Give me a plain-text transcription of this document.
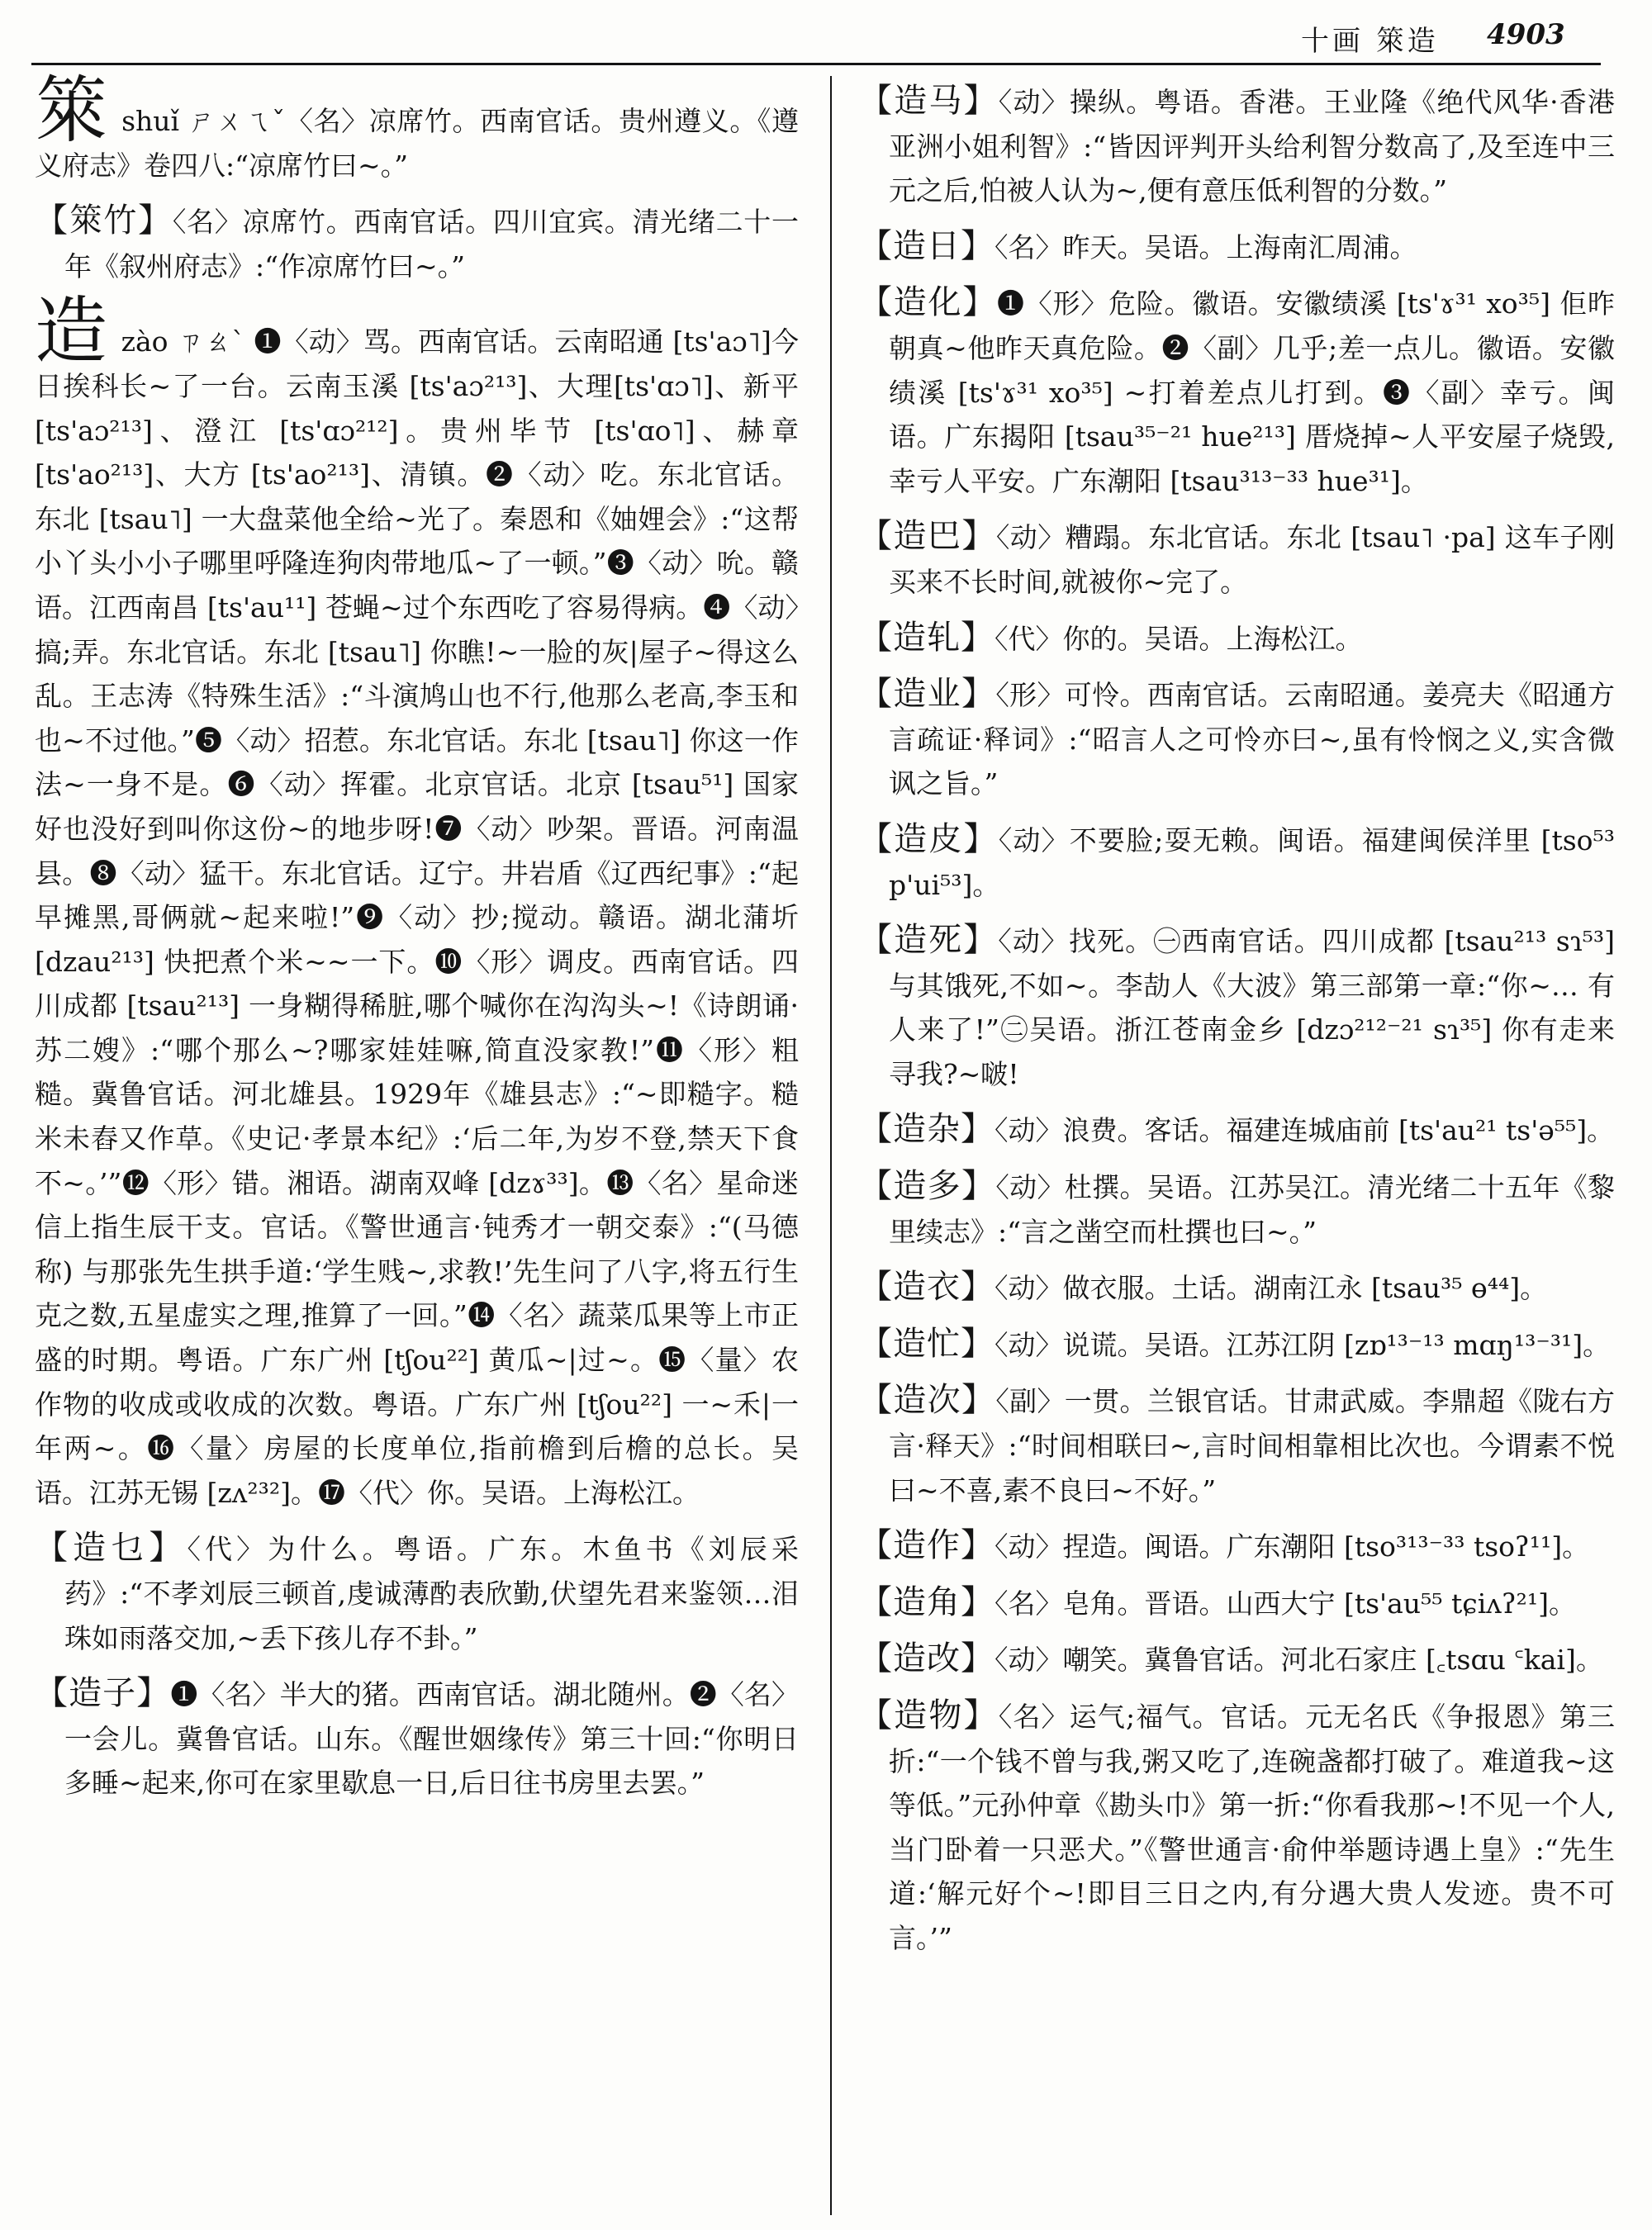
十画 箂造 4903

箂 shuǐ ㄕㄨㄟˇ〈名〉凉席竹。西南官话。贵州遵义。《遵义府志》卷四八:“凉席竹曰~。”

【箂竹】〈名〉凉席竹。西南官话。四川宜宾。清光绪二十一年《叙州府志》:“作凉席竹曰~。”

造 zào ㄗㄠˋ ❶〈动〉骂。西南官话。云南昭通 [ts'aɔ˥]今日挨科长~了一台。云南玉溪 [ts'aɔ²¹³]、大理[ts'ɑɔ˥]、新平 [ts'aɔ²¹³]、澄江 [ts'ɑɔ²¹²]。贵州毕节 [ts'ɑo˥]、赫章 [ts'ao²¹³]、大方 [ts'ao²¹³]、清镇。❷〈动〉吃。东北官话。东北 [tsau˥] 一大盘菜他全给~光了。秦恩和《妯娌会》:“这帮小丫头小小子哪里呼隆连狗肉带地瓜~了一顿。”❸〈动〉吮。赣语。江西南昌 [ts'au¹¹] 苍蝇~过个东西吃了容易得病。❹〈动〉搞;弄。东北官话。东北 [tsau˥] 你瞧!~一脸的灰|屋子~得这么乱。王志涛《特殊生活》:“斗演鸠山也不行,他那么老高,李玉和也~不过他。”❺〈动〉招惹。东北官话。东北 [tsau˥] 你这一作法~一身不是。❻〈动〉挥霍。北京官话。北京 [tsau⁵¹] 国家好也没好到叫你这份~的地步呀!❼〈动〉吵架。晋语。河南温县。❽〈动〉猛干。东北官话。辽宁。井岩盾《辽西纪事》:“起早摊黑,哥俩就~起来啦!”❾〈动〉抄;搅动。赣语。湖北蒲圻 [dzau²¹³] 快把煮个米~~一下。❿〈形〉调皮。西南官话。四川成都 [tsau²¹³] 一身糊得稀脏,哪个喊你在沟沟头~!《诗朗诵·苏二嫂》:“哪个那么~?哪家娃娃嘛,简直没家教!”⓫〈形〉粗糙。冀鲁官话。河北雄县。1929年《雄县志》:“~即糙字。糙米未舂又作草。《史记·孝景本纪》:‘后二年,为岁不登,禁天下食不~。’”⓬〈形〉错。湘语。湖南双峰 [dzɤ³³]。⓭〈名〉星命迷信上指生辰干支。官话。《警世通言·钝秀才一朝交泰》:“(马德称) 与那张先生拱手道:‘学生贱~,求教!’先生问了八字,将五行生克之数,五星虚实之理,推算了一回。”⓮〈名〉蔬菜瓜果等上市正盛的时期。粤语。广东广州 [tʃou²²] 黄瓜~|过~。⓯〈量〉农作物的收成或收成的次数。粤语。广东广州 [tʃou²²] 一~禾|一年两~。⓰〈量〉房屋的长度单位,指前檐到后檐的总长。吴语。江苏无锡 [zʌ²³²]。⓱〈代〉你。吴语。上海松江。

【造乜】〈代〉为什么。粤语。广东。木鱼书《刘辰采药》:“不孝刘辰三顿首,虔诚薄酌表欣勤,伏望先君来鉴领…泪珠如雨落交加,~丢下孩儿存不卦。”

【造子】❶〈名〉半大的猪。西南官话。湖北随州。❷〈名〉一会儿。冀鲁官话。山东。《醒世姻缘传》第三十回:“你明日多睡~起来,你可在家里歇息一日,后日往书房里去罢。”

【造马】〈动〉操纵。粤语。香港。王业隆《绝代风华·香港亚洲小姐利智》:“皆因评判开头给利智分数高了,及至连中三元之后,怕被人认为~,便有意压低利智的分数。”

【造日】〈名〉昨天。吴语。上海南汇周浦。

【造化】❶〈形〉危险。徽语。安徽绩溪 [ts'ɤ³¹ xo³⁵] 佢昨朝真~他昨天真危险。❷〈副〉几乎;差一点儿。徽语。安徽绩溪 [ts'ɤ³¹ xo³⁵] ~打着差点儿打到。❸〈副〉幸亏。闽语。广东揭阳 [tsau³⁵⁻²¹ hue²¹³] 厝烧掉~人平安屋子烧毁,幸亏人平安。广东潮阳 [tsau³¹³⁻³³ hue³¹]。

【造巴】〈动〉糟蹋。东北官话。东北 [tsau˥ ·pa] 这车子刚买来不长时间,就被你~完了。

【造轧】〈代〉你的。吴语。上海松江。

【造业】〈形〉可怜。西南官话。云南昭通。姜亮夫《昭通方言疏证·释词》:“昭言人之可怜亦曰~,虽有怜悯之义,实含微讽之旨。”

【造皮】〈动〉不要脸;耍无赖。闽语。福建闽侯洋里 [tso⁵³ p'ui⁵³]。

【造死】〈动〉找死。㊀西南官话。四川成都 [tsau²¹³ sɿ⁵³] 与其饿死,不如~。李劼人《大波》第三部第一章:“你~… 有人来了!”㊁吴语。浙江苍南金乡 [dzɔ²¹²⁻²¹ sɿ³⁵] 你有走来寻我?~啵!

【造杂】〈动〉浪费。客话。福建连城庙前 [ts'au²¹ ts'ə⁵⁵]。

【造多】〈动〉杜撰。吴语。江苏吴江。清光绪二十五年《黎里续志》:“言之凿空而杜撰也曰~。”

【造衣】〈动〉做衣服。土话。湖南江永 [tsau³⁵ ɵ⁴⁴]。

【造忙】〈动〉说谎。吴语。江苏江阴 [zɒ¹³⁻¹³ mɑŋ¹³⁻³¹]。

【造次】〈副〉一贯。兰银官话。甘肃武威。李鼎超《陇右方言·释天》:“时间相联曰~,言时间相靠相比次也。今谓素不悦曰~不喜,素不良曰~不好。”

【造作】〈动〉捏造。闽语。广东潮阳 [tso³¹³⁻³³ tsoʔ¹¹]。

【造角】〈名〉皂角。晋语。山西大宁 [ts'au⁵⁵ tɕiʌʔ²¹]。

【造改】〈动〉嘲笑。冀鲁官话。河北石家庄 [꜀tsɑu ꜂kai]。

【造物】〈名〉运气;福气。官话。元无名氏《争报恩》第三折:“一个钱不曾与我,粥又吃了,连碗盏都打破了。难道我~这等低。”元孙仲章《勘头巾》第一折:“你看我那~!不见一个人,当门卧着一只恶犬。”《警世通言·俞仲举题诗遇上皇》:“先生道:‘解元好个~!即目三日之内,有分遇大贵人发迹。贵不可言。’”
